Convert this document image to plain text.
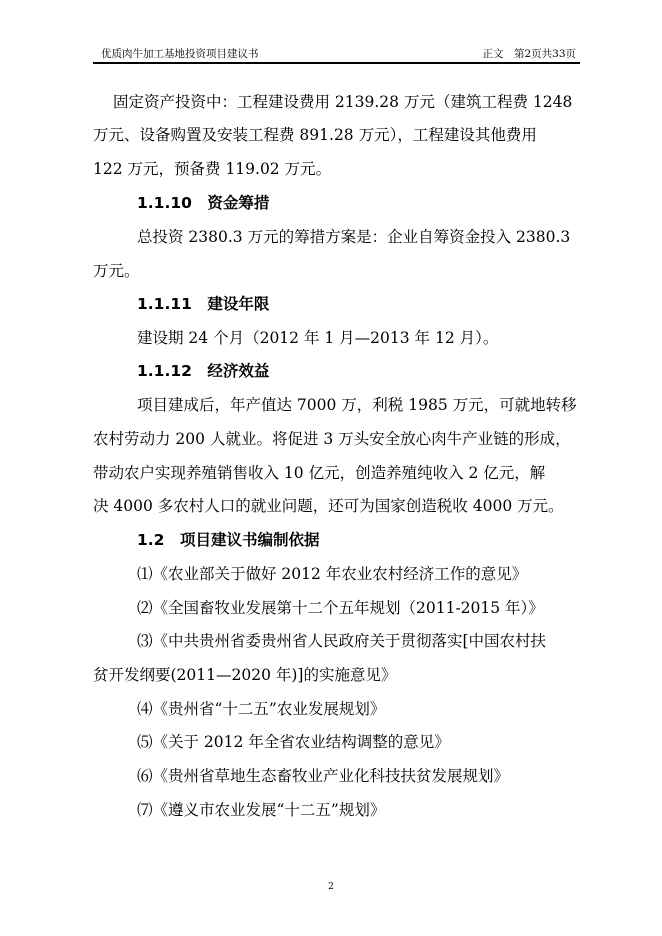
优质肉牛加工基地投资项目建议书	正文　第2页共33页
固定资产投资中：工程建设费用 2139.28 万元（建筑工程费 1248
万元、设备购置及安装工程费 891.28 万元），工程建设其他费用
122 万元，预备费 119.02 万元。
1.1.10　资金筹措
总投资 2380.3 万元的筹措方案是：企业自筹资金投入 2380.3
万元。
1.1.11　建设年限
建设期 24 个月（2012 年 1 月—2013 年 12 月）。
1.1.12　经济效益
项目建成后，年产值达 7000 万，利税 1985 万元，可就地转移
农村劳动力 200 人就业。将促进 3 万头安全放心肉牛产业链的形成，
带动农户实现养殖销售收入 10 亿元，创造养殖纯收入 2 亿元，解
决 4000 多农村人口的就业问题，还可为国家创造税收 4000 万元。
1.2　项目建议书编制依据
⑴《农业部关于做好 2012 年农业农村经济工作的意见》
⑵《全国畜牧业发展第十二个五年规划（2011-2015 年）》
⑶《中共贵州省委贵州省人民政府关于贯彻落实[中国农村扶
贫开发纲要(2011—2020 年)]的实施意见》
⑷《贵州省“十二五”农业发展规划》
⑸《关于 2012 年全省农业结构调整的意见》
⑹《贵州省草地生态畜牧业产业化科技扶贫发展规划》
⑺《遵义市农业发展“十二五”规划》
2
